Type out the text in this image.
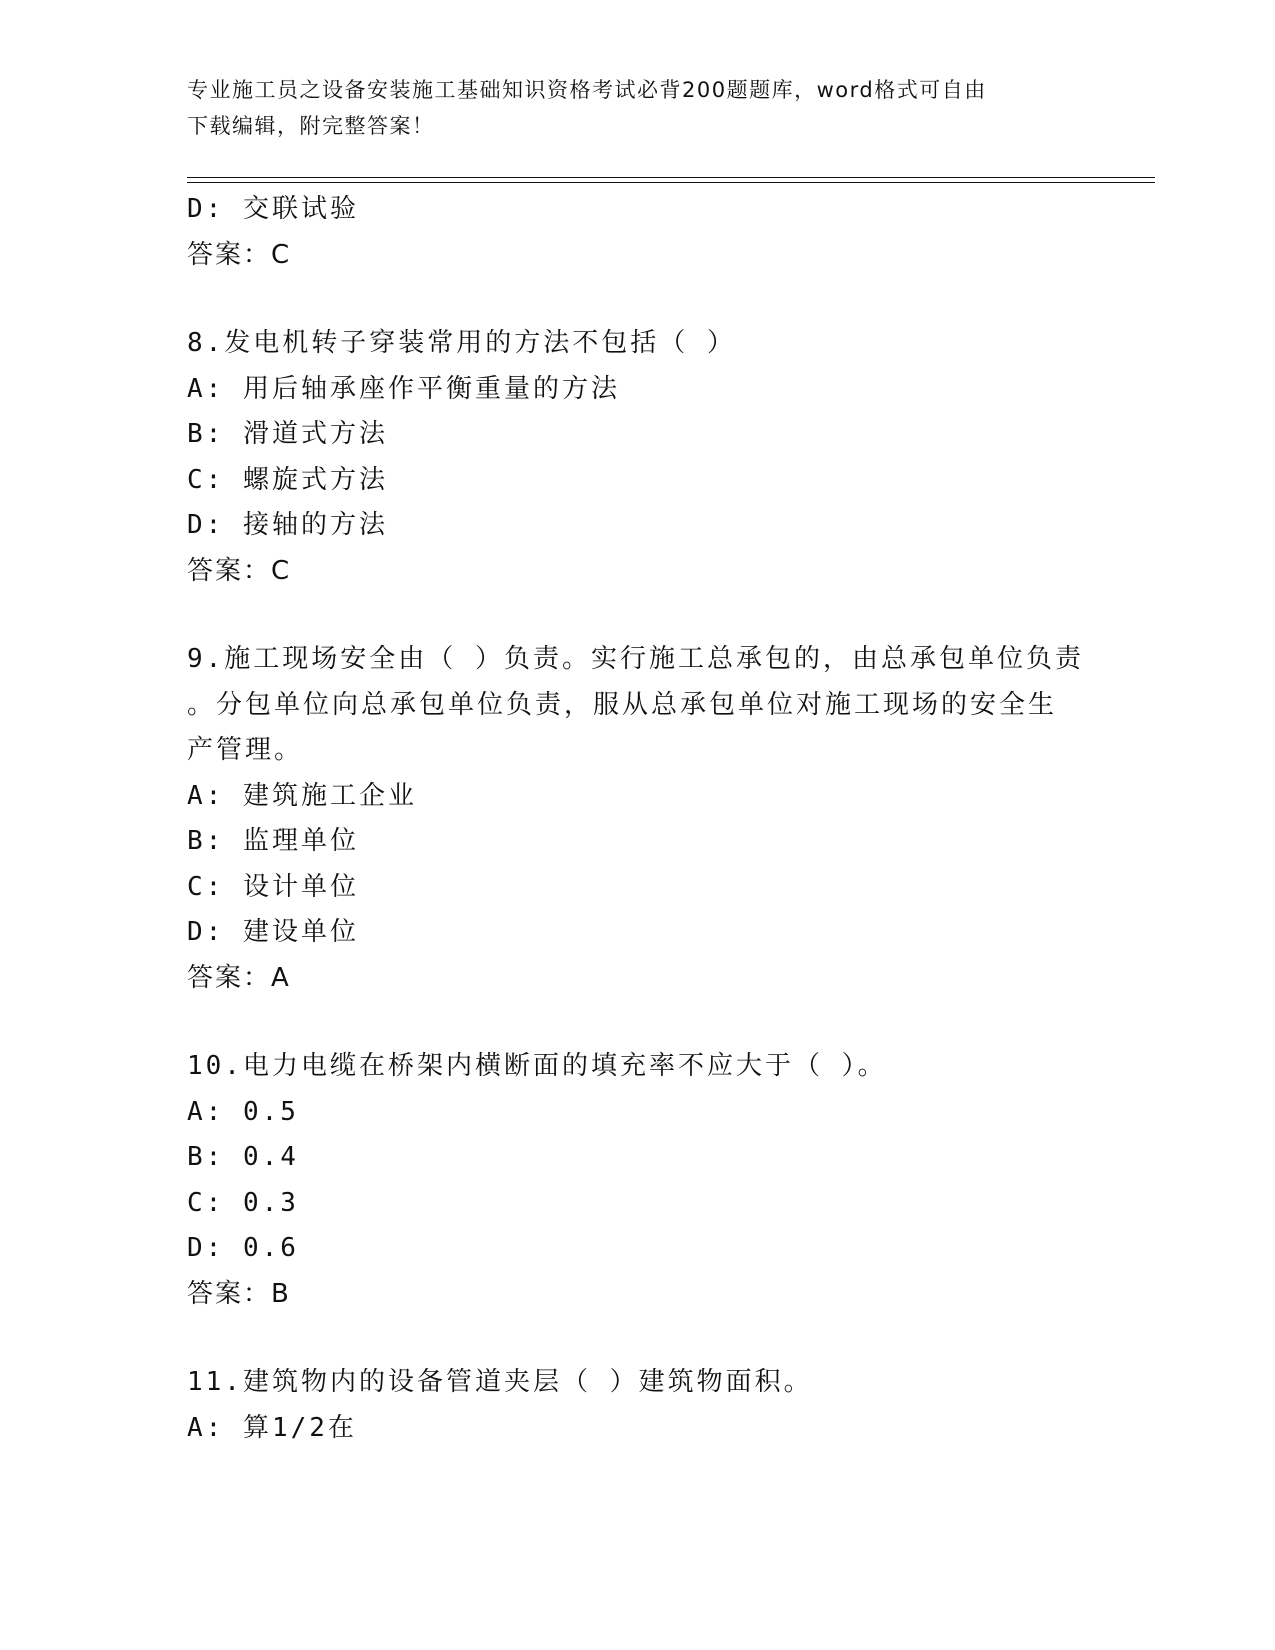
专业施工员之设备安装施工基础知识资格考试必背200题题库，word格式可自由
下载编辑，附完整答案！

D: 交联试验
答案：C
8.发电机转子穿装常用的方法不包括（ ）
A: 用后轴承座作平衡重量的方法
B: 滑道式方法
C: 螺旋式方法
D: 接轴的方法
答案：C
9.施工现场安全由（ ）负责。实行施工总承包的，由总承包单位负责
。分包单位向总承包单位负责，服从总承包单位对施工现场的安全生
产管理。
A: 建筑施工企业
B: 监理单位
C: 设计单位
D: 建设单位
答案：A
10.电力电缆在桥架内横断面的填充率不应大于（ ）。
A: 0.5
B: 0.4
C: 0.3
D: 0.6
答案：B
11.建筑物内的设备管道夹层（ ）建筑物面积。
A: 算1/2在
